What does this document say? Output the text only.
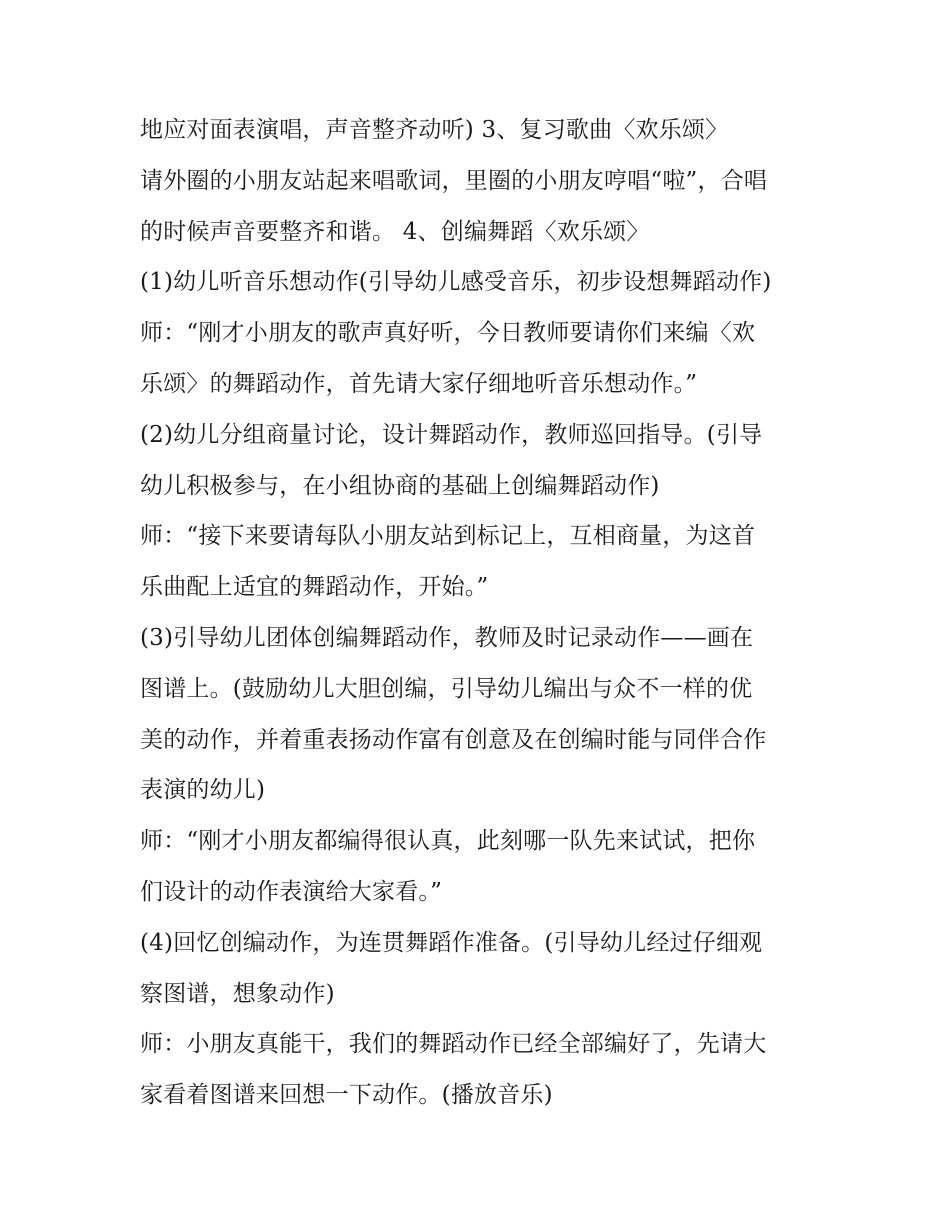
地应对面表演唱，声音整齐动听) 3、复习歌曲〈欢乐颂〉
请外圈的小朋友站起来唱歌词，里圈的小朋友哼唱“啦”，合唱
的时候声音要整齐和谐。 4、创编舞蹈〈欢乐颂〉
(1)幼儿听音乐想动作(引导幼儿感受音乐，初步设想舞蹈动作)
师：“刚才小朋友的歌声真好听，今日教师要请你们来编〈欢
乐颂〉的舞蹈动作，首先请大家仔细地听音乐想动作。”
(2)幼儿分组商量讨论，设计舞蹈动作，教师巡回指导。(引导
幼儿积极参与，在小组协商的基础上创编舞蹈动作)
师：“接下来要请每队小朋友站到标记上，互相商量，为这首
乐曲配上适宜的舞蹈动作，开始。”
(3)引导幼儿团体创编舞蹈动作，教师及时记录动作——画在
图谱上。(鼓励幼儿大胆创编，引导幼儿编出与众不一样的优
美的动作，并着重表扬动作富有创意及在创编时能与同伴合作
表演的幼儿)
师：“刚才小朋友都编得很认真，此刻哪一队先来试试，把你
们设计的动作表演给大家看。”
(4)回忆创编动作，为连贯舞蹈作准备。(引导幼儿经过仔细观
察图谱，想象动作)
师：小朋友真能干，我们的舞蹈动作已经全部编好了，先请大
家看着图谱来回想一下动作。(播放音乐)
